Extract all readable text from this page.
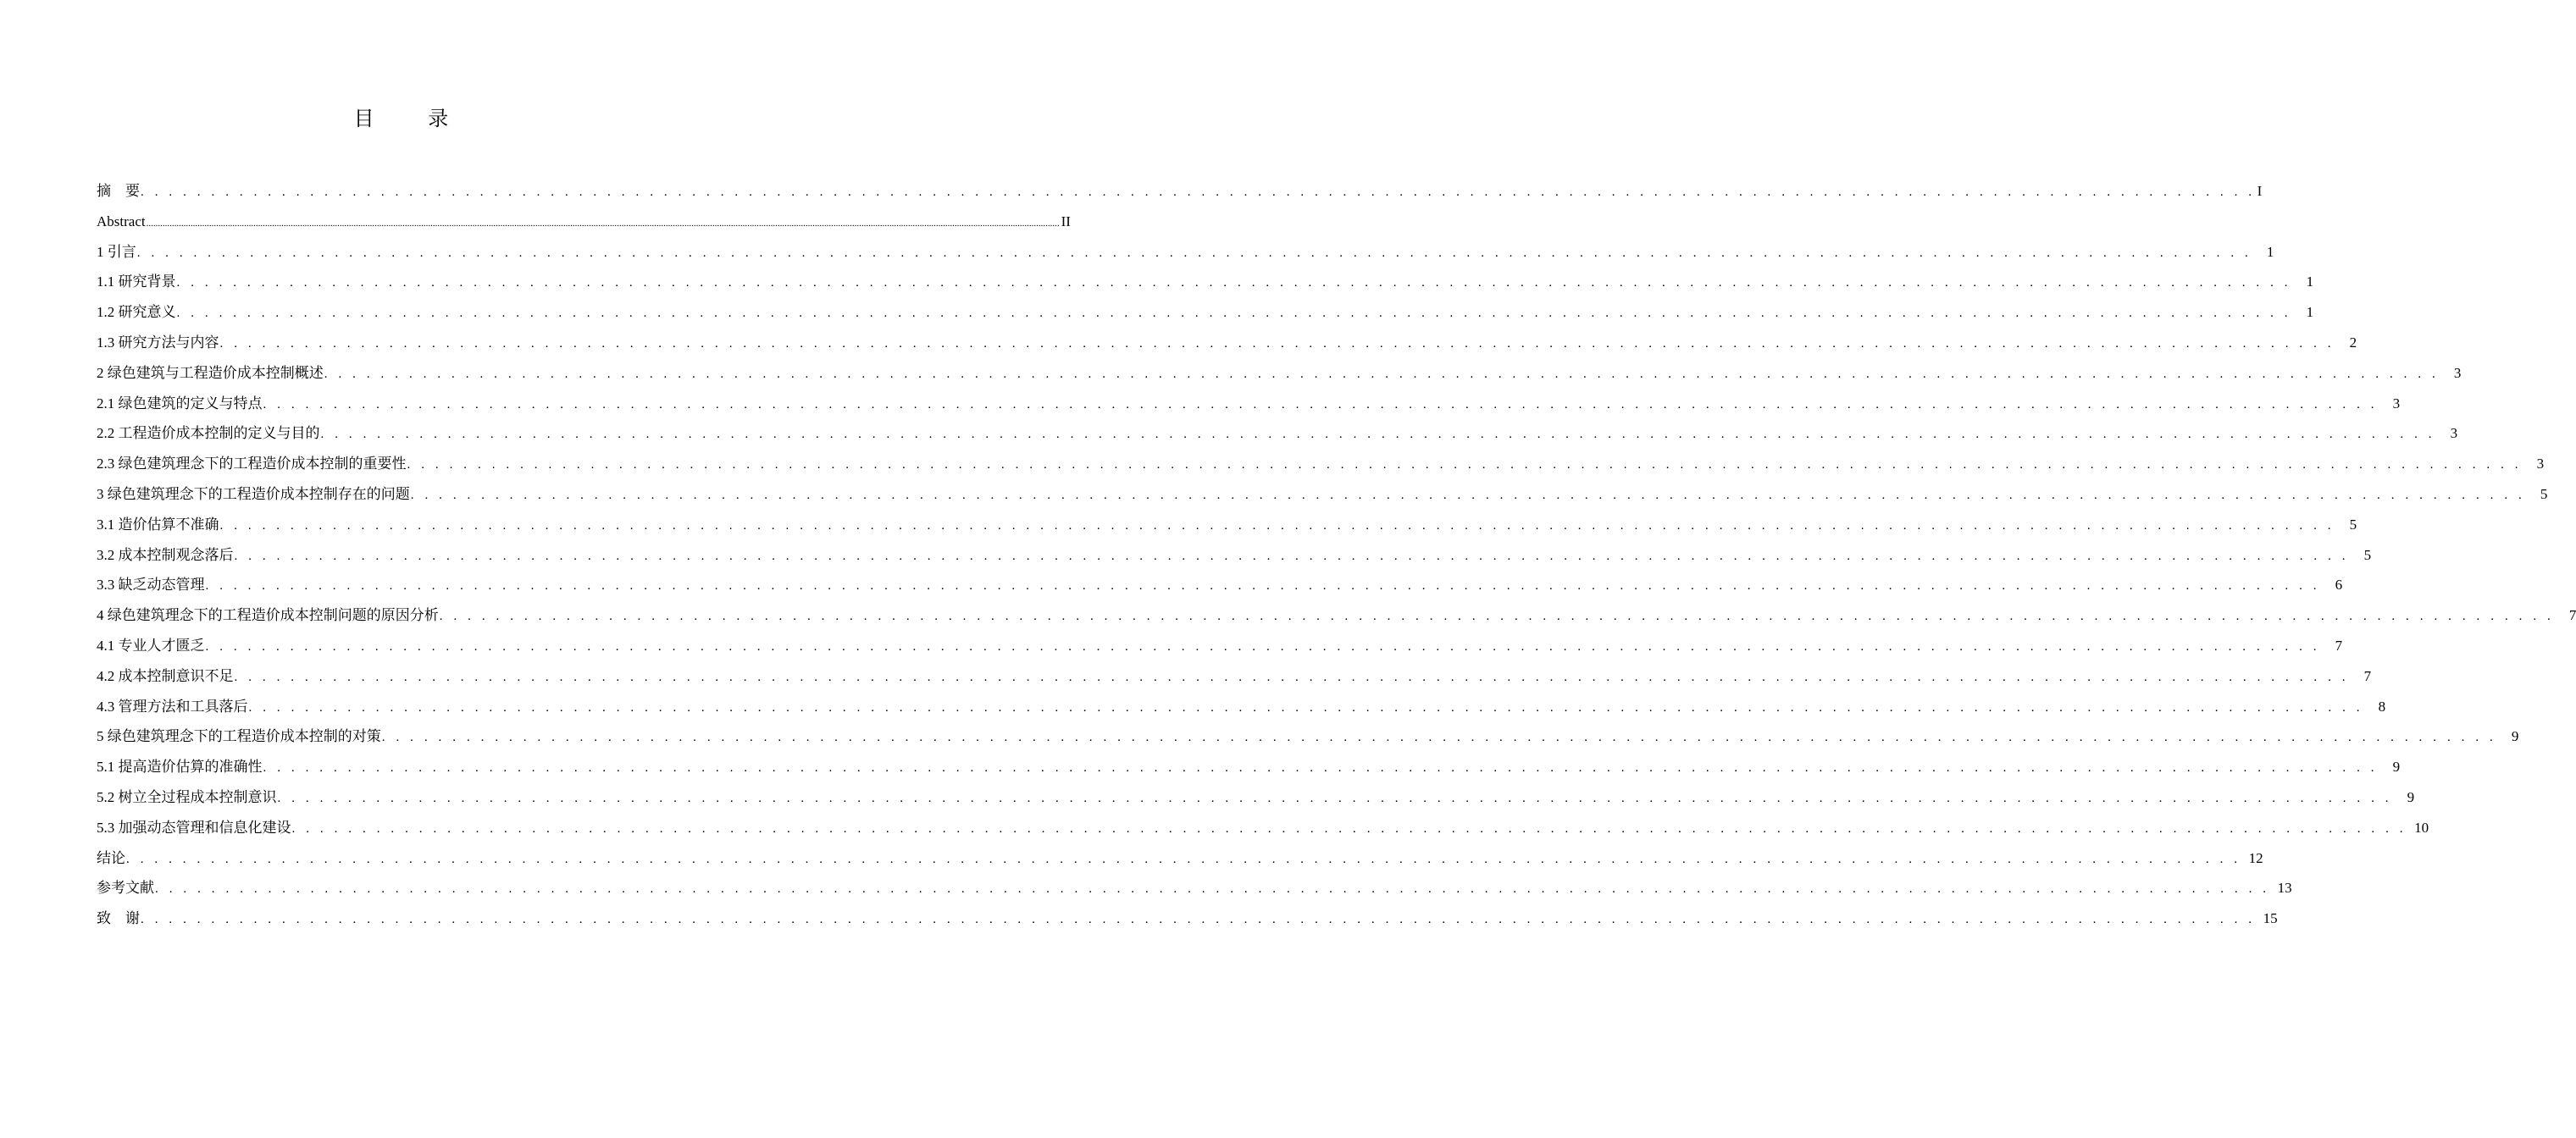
目 录
摘　要 . . . . . . . . . . . . . . . . . . . . . . . . . . . . . . . . . . . . . . . . . . . . . . . . . . . . . . . . . . . . . . . . . . . . . . . . . . . . . . . . . . . . . . . . . . . . . . . . . . . . . . . . . . . . . . . . . . . . . . . . . . . . . . . . . . . . . . . . . . . . . . . . . . . . . . I
Abstract ........................................................................................................................................................................................................................................................................................................................................................................................................ II
1 引言 . . . . . . . . . . . . . . . . . . . . . . . . . . . . . . . . . . . . . . . . . . . . . . . . . . . . . . . . . . . . . . . . . . . . . . . . . . . . . . . . . . . . . . . . . . . . . . . . . . . . . . . . . . . . . . . . . . . . . . . . . . . . . . . . . . . . . . . . . . . . . . . . . . . . . .	1
1.1 研究背景 . . . . . . . . . . . . . . . . . . . . . . . . . . . . . . . . . . . . . . . . . . . . . . . . . . . . . . . . . . . . . . . . . . . . . . . . . . . . . . . . . . . . . . . . . . . . . . . . . . . . . . . . . . . . . . . . . . . . . . . . . . . . . . . . . . . . . . . . . . . . . . . . . . . . . .	1
1.2 研究意义 . . . . . . . . . . . . . . . . . . . . . . . . . . . . . . . . . . . . . . . . . . . . . . . . . . . . . . . . . . . . . . . . . . . . . . . . . . . . . . . . . . . . . . . . . . . . . . . . . . . . . . . . . . . . . . . . . . . . . . . . . . . . . . . . . . . . . . . . . . . . . . . . . . . . . .	1
1.3 研究方法与内容 . . . . . . . . . . . . . . . . . . . . . . . . . . . . . . . . . . . . . . . . . . . . . . . . . . . . . . . . . . . . . . . . . . . . . . . . . . . . . . . . . . . . . . . . . . . . . . . . . . . . . . . . . . . . . . . . . . . . . . . . . . . . . . . . . . . . . . . . . . . . . . . . . . . . . .	2
2 绿色建筑与工程造价成本控制概述 . . . . . . . . . . . . . . . . . . . . . . . . . . . . . . . . . . . . . . . . . . . . . . . . . . . . . . . . . . . . . . . . . . . . . . . . . . . . . . . . . . . . . . . . . . . . . . . . . . . . . . . . . . . . . . . . . . . . . . . . . . . . . . . . . . . . . . . . . . . . . . . . . . . . . .	3
2.1 绿色建筑的定义与特点 . . . . . . . . . . . . . . . . . . . . . . . . . . . . . . . . . . . . . . . . . . . . . . . . . . . . . . . . . . . . . . . . . . . . . . . . . . . . . . . . . . . . . . . . . . . . . . . . . . . . . . . . . . . . . . . . . . . . . . . . . . . . . . . . . . . . . . . . . . . . . . . . . . . . . .	3
2.2 工程造价成本控制的定义与目的 . . . . . . . . . . . . . . . . . . . . . . . . . . . . . . . . . . . . . . . . . . . . . . . . . . . . . . . . . . . . . . . . . . . . . . . . . . . . . . . . . . . . . . . . . . . . . . . . . . . . . . . . . . . . . . . . . . . . . . . . . . . . . . . . . . . . . . . . . . . . . . . . . . . . . .	3
2.3 绿色建筑理念下的工程造价成本控制的重要性 . . . . . . . . . . . . . . . . . . . . . . . . . . . . . . . . . . . . . . . . . . . . . . . . . . . . . . . . . . . . . . . . . . . . . . . . . . . . . . . . . . . . . . . . . . . . . . . . . . . . . . . . . . . . . . . . . . . . . . . . . . . . . . . . . . . . . . . . . . . . . . . . . . . . . .	3
3 绿色建筑理念下的工程造价成本控制存在的问题 . . . . . . . . . . . . . . . . . . . . . . . . . . . . . . . . . . . . . . . . . . . . . . . . . . . . . . . . . . . . . . . . . . . . . . . . . . . . . . . . . . . . . . . . . . . . . . . . . . . . . . . . . . . . . . . . . . . . . . . . . . . . . . . . . . . . . . . . . . . . . . . . . . . . . .	5
3.1 造价估算不准确 . . . . . . . . . . . . . . . . . . . . . . . . . . . . . . . . . . . . . . . . . . . . . . . . . . . . . . . . . . . . . . . . . . . . . . . . . . . . . . . . . . . . . . . . . . . . . . . . . . . . . . . . . . . . . . . . . . . . . . . . . . . . . . . . . . . . . . . . . . . . . . . . . . . . . .	5
3.2 成本控制观念落后 . . . . . . . . . . . . . . . . . . . . . . . . . . . . . . . . . . . . . . . . . . . . . . . . . . . . . . . . . . . . . . . . . . . . . . . . . . . . . . . . . . . . . . . . . . . . . . . . . . . . . . . . . . . . . . . . . . . . . . . . . . . . . . . . . . . . . . . . . . . . . . . . . . . . . .	5
3.3 缺乏动态管理 . . . . . . . . . . . . . . . . . . . . . . . . . . . . . . . . . . . . . . . . . . . . . . . . . . . . . . . . . . . . . . . . . . . . . . . . . . . . . . . . . . . . . . . . . . . . . . . . . . . . . . . . . . . . . . . . . . . . . . . . . . . . . . . . . . . . . . . . . . . . . . . . . . . . . .	6
4 绿色建筑理念下的工程造价成本控制问题的原因分析 . . . . . . . . . . . . . . . . . . . . . . . . . . . . . . . . . . . . . . . . . . . . . . . . . . . . . . . . . . . . . . . . . . . . . . . . . . . . . . . . . . . . . . . . . . . . . . . . . . . . . . . . . . . . . . . . . . . . . . . . . . . . . . . . . . . . . . . . . . . . . . . . . . . . . .	7
4.1 专业人才匮乏 . . . . . . . . . . . . . . . . . . . . . . . . . . . . . . . . . . . . . . . . . . . . . . . . . . . . . . . . . . . . . . . . . . . . . . . . . . . . . . . . . . . . . . . . . . . . . . . . . . . . . . . . . . . . . . . . . . . . . . . . . . . . . . . . . . . . . . . . . . . . . . . . . . . . . .	7
4.2 成本控制意识不足 . . . . . . . . . . . . . . . . . . . . . . . . . . . . . . . . . . . . . . . . . . . . . . . . . . . . . . . . . . . . . . . . . . . . . . . . . . . . . . . . . . . . . . . . . . . . . . . . . . . . . . . . . . . . . . . . . . . . . . . . . . . . . . . . . . . . . . . . . . . . . . . . . . . . . .	7
4.3 管理方法和工具落后 . . . . . . . . . . . . . . . . . . . . . . . . . . . . . . . . . . . . . . . . . . . . . . . . . . . . . . . . . . . . . . . . . . . . . . . . . . . . . . . . . . . . . . . . . . . . . . . . . . . . . . . . . . . . . . . . . . . . . . . . . . . . . . . . . . . . . . . . . . . . . . . . . . . . . .	8
5 绿色建筑理念下的工程造价成本控制的对策 . . . . . . . . . . . . . . . . . . . . . . . . . . . . . . . . . . . . . . . . . . . . . . . . . . . . . . . . . . . . . . . . . . . . . . . . . . . . . . . . . . . . . . . . . . . . . . . . . . . . . . . . . . . . . . . . . . . . . . . . . . . . . . . . . . . . . . . . . . . . . . . . . . . . . .	9
5.1 提高造价估算的准确性 . . . . . . . . . . . . . . . . . . . . . . . . . . . . . . . . . . . . . . . . . . . . . . . . . . . . . . . . . . . . . . . . . . . . . . . . . . . . . . . . . . . . . . . . . . . . . . . . . . . . . . . . . . . . . . . . . . . . . . . . . . . . . . . . . . . . . . . . . . . . . . . . . . . . . .	9
5.2 树立全过程成本控制意识 . . . . . . . . . . . . . . . . . . . . . . . . . . . . . . . . . . . . . . . . . . . . . . . . . . . . . . . . . . . . . . . . . . . . . . . . . . . . . . . . . . . . . . . . . . . . . . . . . . . . . . . . . . . . . . . . . . . . . . . . . . . . . . . . . . . . . . . . . . . . . . . . . . . . . .	9
5.3 加强动态管理和信息化建设 . . . . . . . . . . . . . . . . . . . . . . . . . . . . . . . . . . . . . . . . . . . . . . . . . . . . . . . . . . . . . . . . . . . . . . . . . . . . . . . . . . . . . . . . . . . . . . . . . . . . . . . . . . . . . . . . . . . . . . . . . . . . . . . . . . . . . . . . . . . . . . . . . . . . . . 10
结论 . . . . . . . . . . . . . . . . . . . . . . . . . . . . . . . . . . . . . . . . . . . . . . . . . . . . . . . . . . . . . . . . . . . . . . . . . . . . . . . . . . . . . . . . . . . . . . . . . . . . . . . . . . . . . . . . . . . . . . . . . . . . . . . . . . . . . . . . . . . . . . . . . . . . . . 12
参考文献 . . . . . . . . . . . . . . . . . . . . . . . . . . . . . . . . . . . . . . . . . . . . . . . . . . . . . . . . . . . . . . . . . . . . . . . . . . . . . . . . . . . . . . . . . . . . . . . . . . . . . . . . . . . . . . . . . . . . . . . . . . . . . . . . . . . . . . . . . . . . . . . . . . . . . . 13
致　谢 . . . . . . . . . . . . . . . . . . . . . . . . . . . . . . . . . . . . . . . . . . . . . . . . . . . . . . . . . . . . . . . . . . . . . . . . . . . . . . . . . . . . . . . . . . . . . . . . . . . . . . . . . . . . . . . . . . . . . . . . . . . . . . . . . . . . . . . . . . . . . . . . . . . . . . 15
